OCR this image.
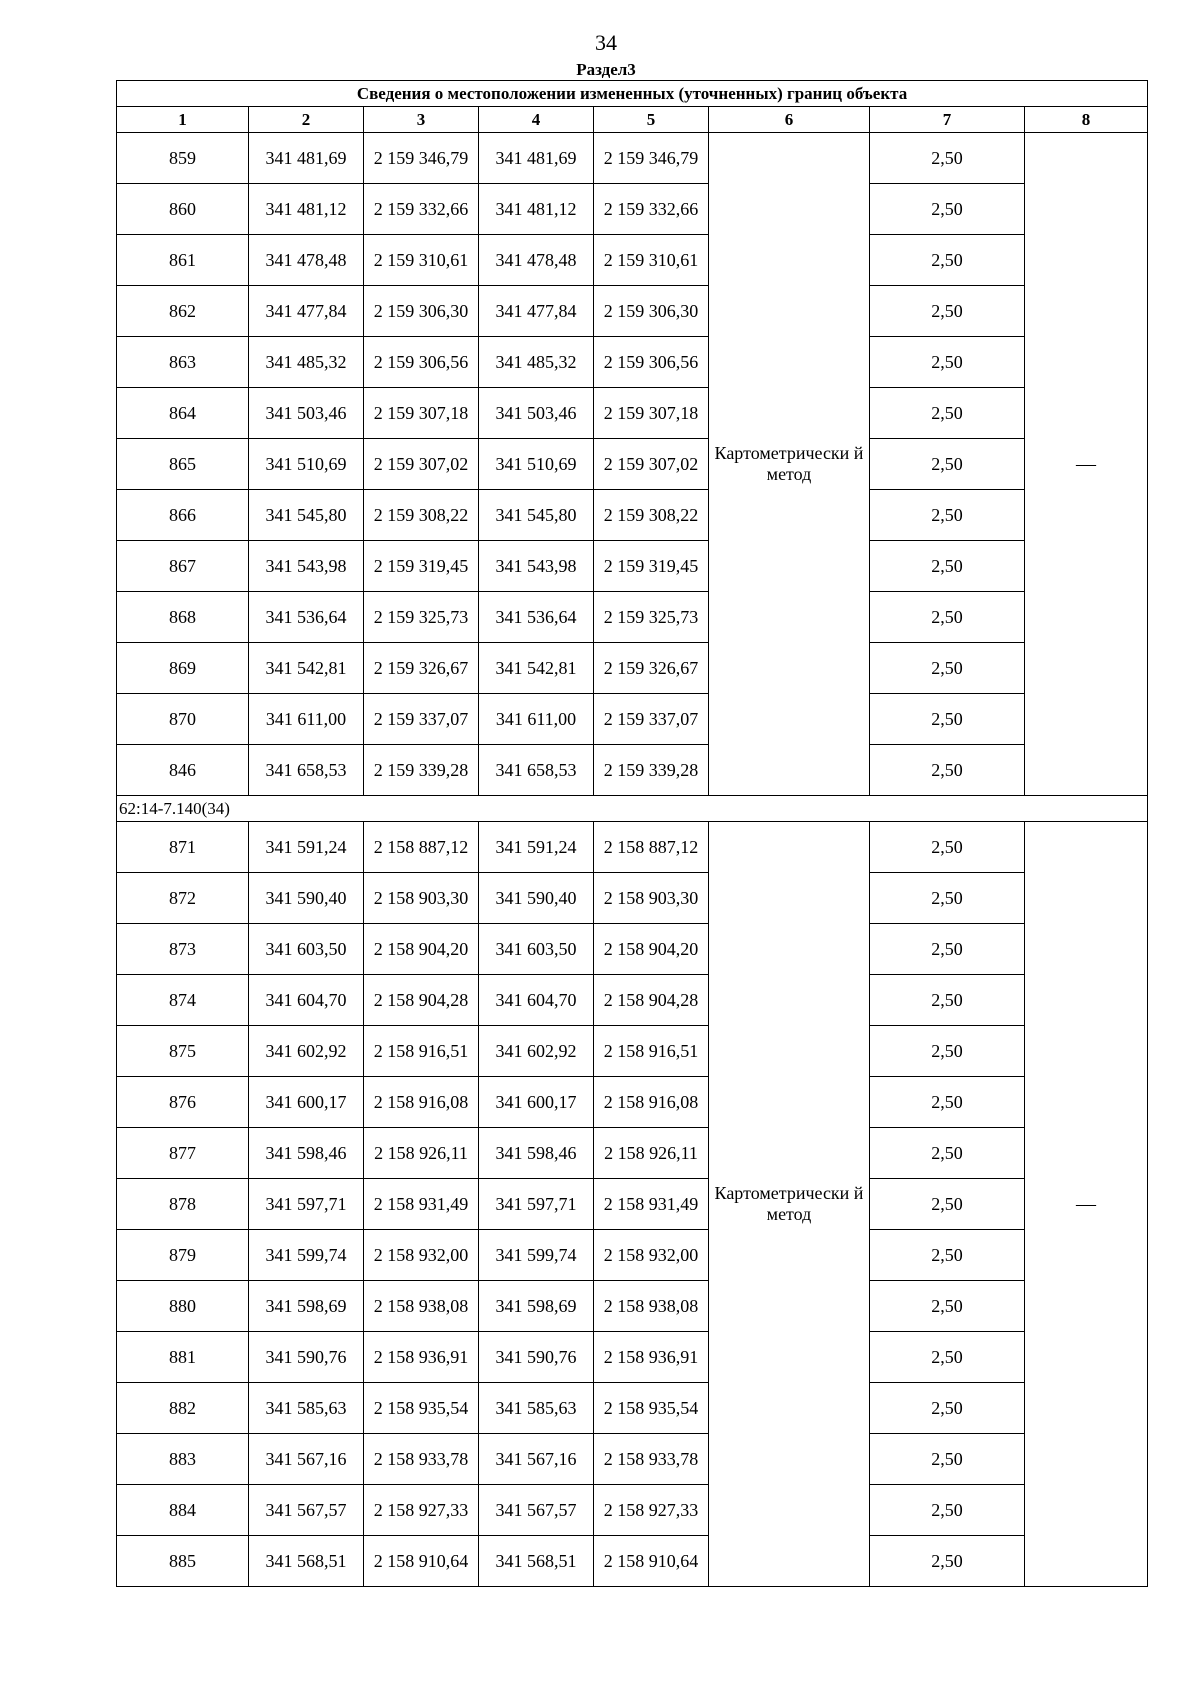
34
Раздел3
Сведения о местоположении измененных (уточненных) границ объекта							
1	2	3	4	5	6	7	8
859	341 481,69	2 159 346,79	341 481,69	2 159 346,79	Картометрически й метод	2,50	—
860	341 481,12	2 159 332,66	341 481,12	2 159 332,66		2,50	
861	341 478,48	2 159 310,61	341 478,48	2 159 310,61		2,50	
862	341 477,84	2 159 306,30	341 477,84	2 159 306,30		2,50	
863	341 485,32	2 159 306,56	341 485,32	2 159 306,56		2,50	
864	341 503,46	2 159 307,18	341 503,46	2 159 307,18		2,50	
865	341 510,69	2 159 307,02	341 510,69	2 159 307,02		2,50	
866	341 545,80	2 159 308,22	341 545,80	2 159 308,22		2,50	
867	341 543,98	2 159 319,45	341 543,98	2 159 319,45		2,50	
868	341 536,64	2 159 325,73	341 536,64	2 159 325,73		2,50	
869	341 542,81	2 159 326,67	341 542,81	2 159 326,67		2,50	
870	341 611,00	2 159 337,07	341 611,00	2 159 337,07		2,50	
846	341 658,53	2 159 339,28	341 658,53	2 159 339,28		2,50	
62:14-7.140(34)							
871	341 591,24	2 158 887,12	341 591,24	2 158 887,12	Картометрически й метод	2,50	—
872	341 590,40	2 158 903,30	341 590,40	2 158 903,30		2,50	
873	341 603,50	2 158 904,20	341 603,50	2 158 904,20		2,50	
874	341 604,70	2 158 904,28	341 604,70	2 158 904,28		2,50	
875	341 602,92	2 158 916,51	341 602,92	2 158 916,51		2,50	
876	341 600,17	2 158 916,08	341 600,17	2 158 916,08		2,50	
877	341 598,46	2 158 926,11	341 598,46	2 158 926,11		2,50	
878	341 597,71	2 158 931,49	341 597,71	2 158 931,49		2,50	
879	341 599,74	2 158 932,00	341 599,74	2 158 932,00		2,50	
880	341 598,69	2 158 938,08	341 598,69	2 158 938,08		2,50	
881	341 590,76	2 158 936,91	341 590,76	2 158 936,91		2,50	
882	341 585,63	2 158 935,54	341 585,63	2 158 935,54		2,50	
883	341 567,16	2 158 933,78	341 567,16	2 158 933,78		2,50	
884	341 567,57	2 158 927,33	341 567,57	2 158 927,33		2,50	
885	341 568,51	2 158 910,64	341 568,51	2 158 910,64		2,50	
